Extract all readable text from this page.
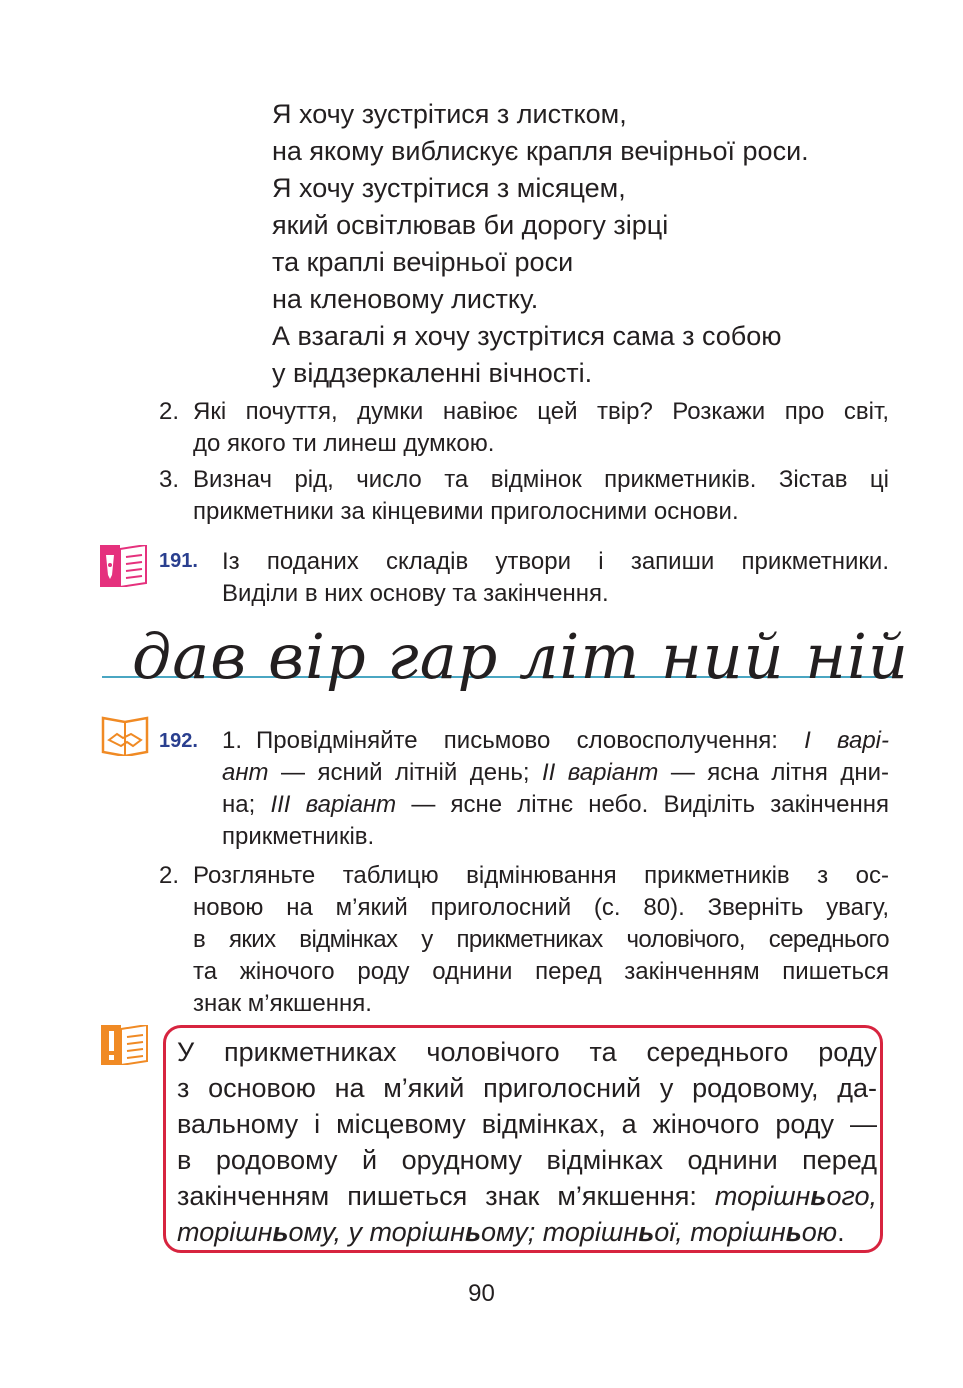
Я хочу зустрітися з листком,
на якому виблискує крапля вечірньої роси.
Я хочу зустрітися з місяцем,
який освітлював би дорогу зірці
та краплі вечірньої роси
на кленовому листку.
А взагалі я хочу зустрітися сама з собою
у віддзеркаленні вічності.
2. Які почуття, думки навіює цей твір? Розкажи про світ,
до якого ти линеш думкою.
3. Визнач рід, число та відмінок прикметників. Зістав ці
прикметники за кінцевими приголосними основи.
191. Із поданих складів утвори і запиши прикметники.
Виділи в них основу та закінчення.
дав вір гар літ ний ній
192. 1. Провідміняйте письмово словосполучення: І варі-
ант — ясний літній день; ІІ варіант — ясна літня дни-
на; ІІІ варіант — ясне літнє небо. Виділіть закінчення
прикметників.
2. Розгляньте таблицю відмінювання прикметників з ос-
новою на м’який приголосний (с. 80). Зверніть увагу,
в яких відмінках у прикметниках чоловічого, середнього
та жіночого роду однини перед закінченням пишеться
знак м’якшення.
У прикметниках чоловічого та середнього роду
з основою на м’який приголосний у родовому, да-
вальному і місцевому відмінках, а жіночого роду —
в родовому й орудному відмінках однини перед
закінченням пишеться знак м’якшення: торішнього,
торішньому, у торішньому; торішньої, торішньою.
90
